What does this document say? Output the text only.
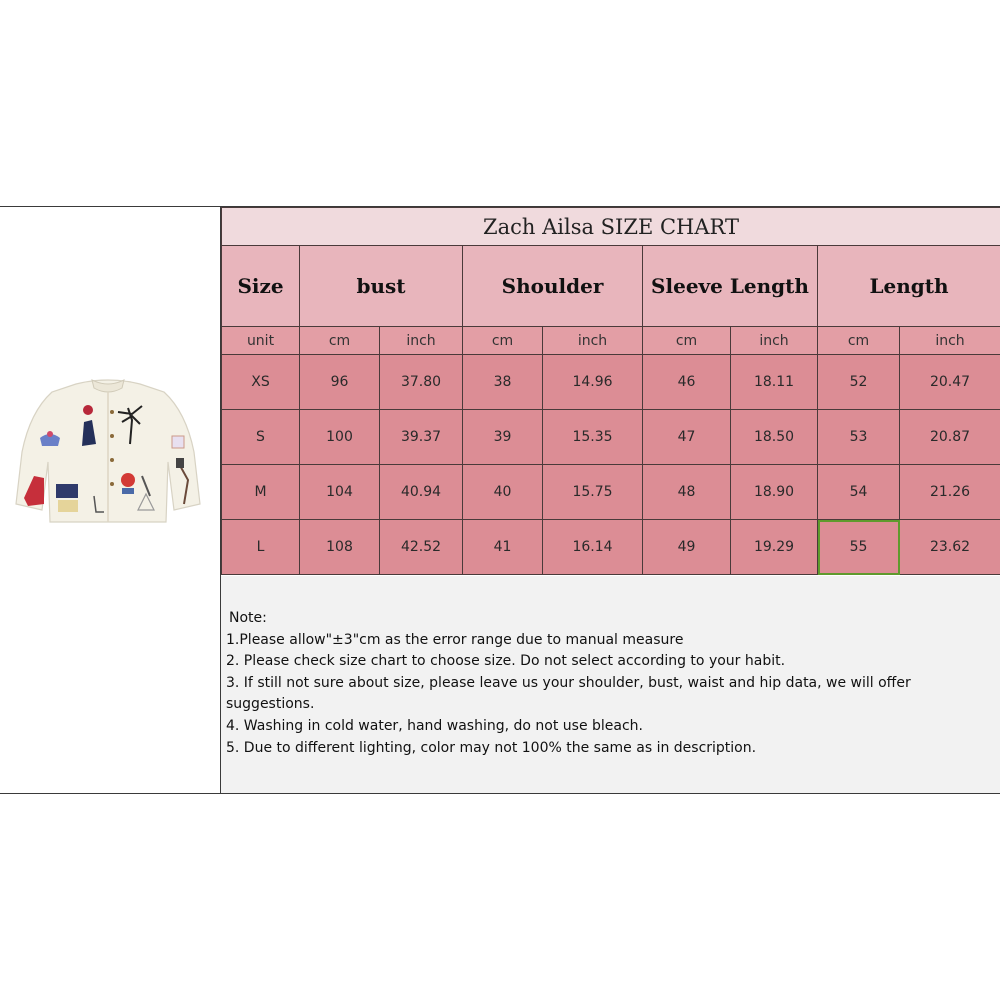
Zach Ailsa SIZE CHART								
Size	bust		Shoulder		Sleeve Length		Length	
unit	cm	inch	cm	inch	cm	inch	cm	inch
XS	96	37.80	38	14.96	46	18.11	52	20.47
S	100	39.37	39	15.35	47	18.50	53	20.87
M	104	40.94	40	15.75	48	18.90	54	21.26
L	108	42.52	41	16.14	49	19.29	55	23.62
Note:
1.Please allow"±3"cm as the error range due to manual measure
2. Please check size chart to choose size. Do not select according to your habit.
3. If still not sure about size, please leave us your shoulder, bust, waist and hip data, we will offer suggestions.
4. Washing in cold water, hand washing, do not use bleach.
5. Due to different lighting, color may not 100% the same as in description.
